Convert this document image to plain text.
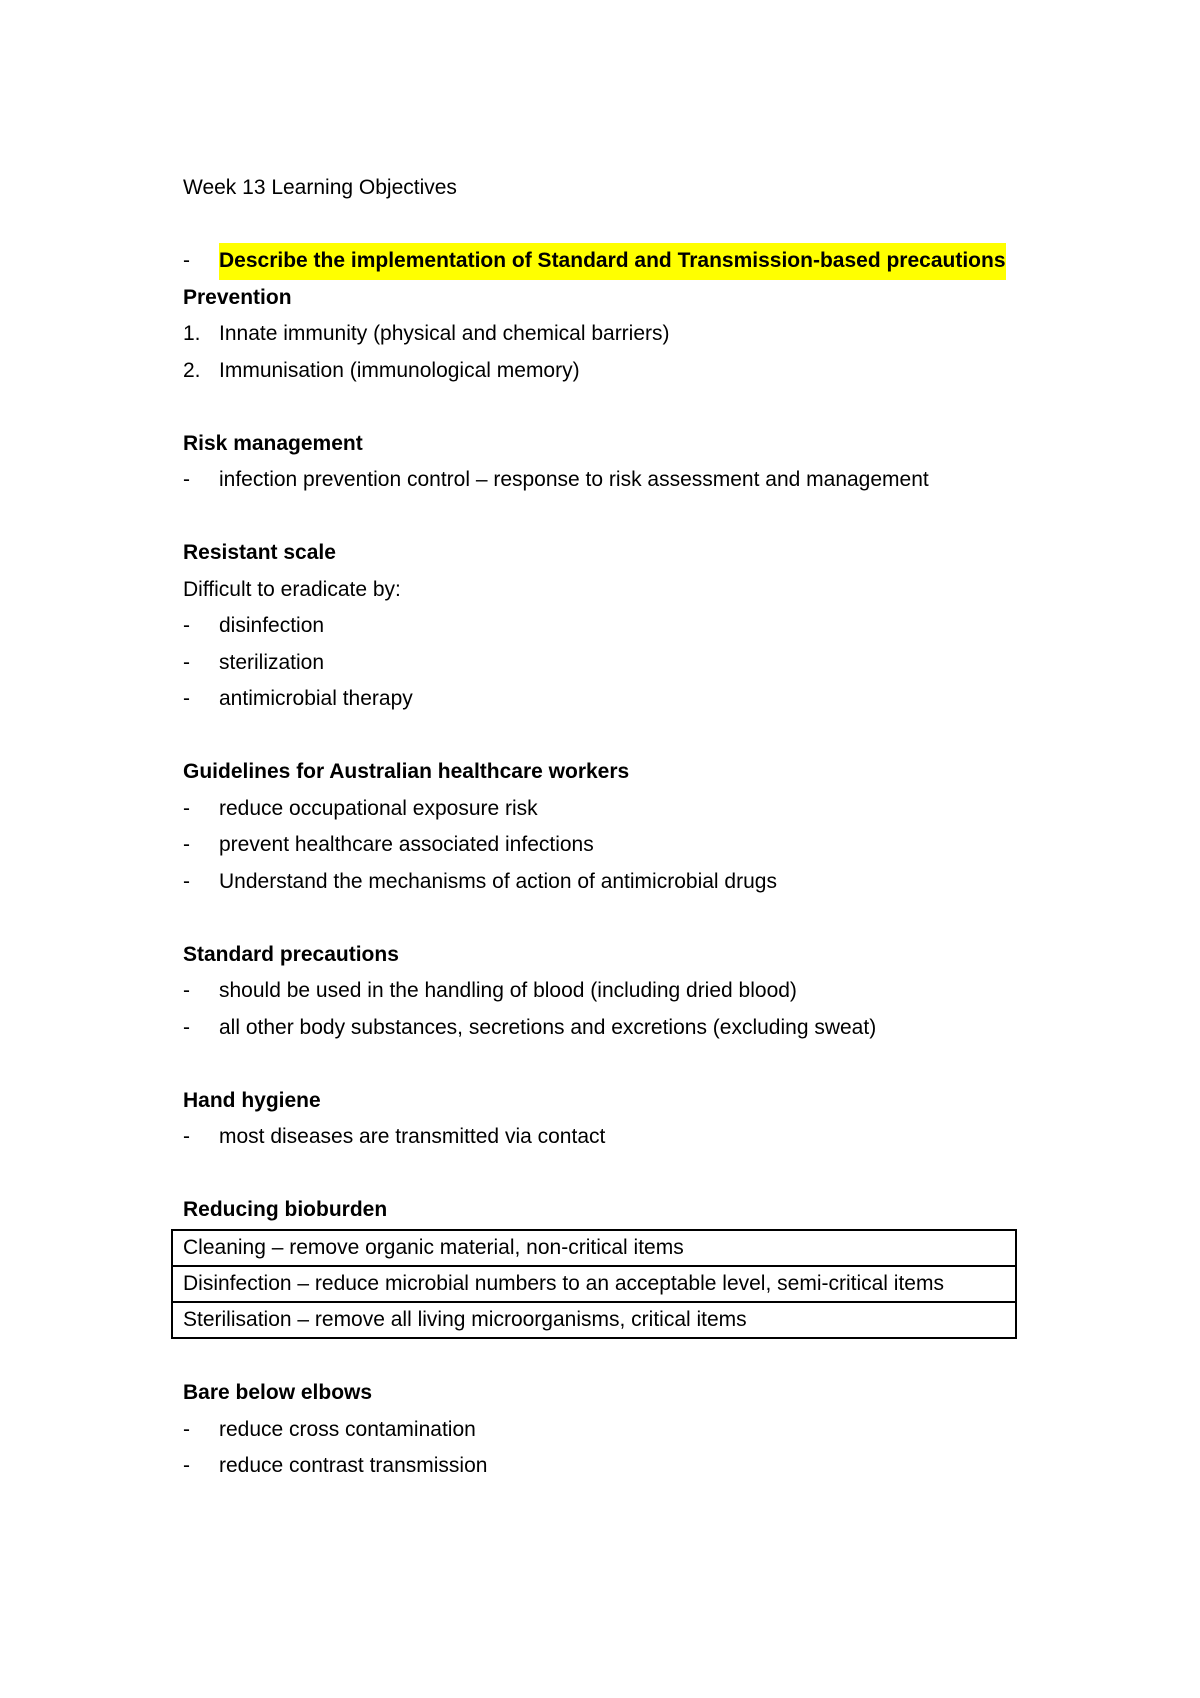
Week 13 Learning Objectives
-	Describe the implementation of Standard and Transmission-based precautions
Prevention
1. Innate immunity (physical and chemical barriers)
2. Immunisation (immunological memory)
Risk management
-	infection prevention control – response to risk assessment and management
Resistant scale
Difficult to eradicate by:
-	disinfection
-	sterilization
-	antimicrobial therapy
Guidelines for Australian healthcare workers
-	reduce occupational exposure risk
-	prevent healthcare associated infections
-	Understand the mechanisms of action of antimicrobial drugs
Standard precautions
-	should be used in the handling of blood (including dried blood)
-	all other body substances, secretions and excretions (excluding sweat)
Hand hygiene
-	most diseases are transmitted via contact
Reducing bioburden
Cleaning – remove organic material, non-critical items
Disinfection – reduce microbial numbers to an acceptable level, semi-critical items
Sterilisation – remove all living microorganisms, critical items
Bare below elbows
-	reduce cross contamination
-	reduce contrast transmission
